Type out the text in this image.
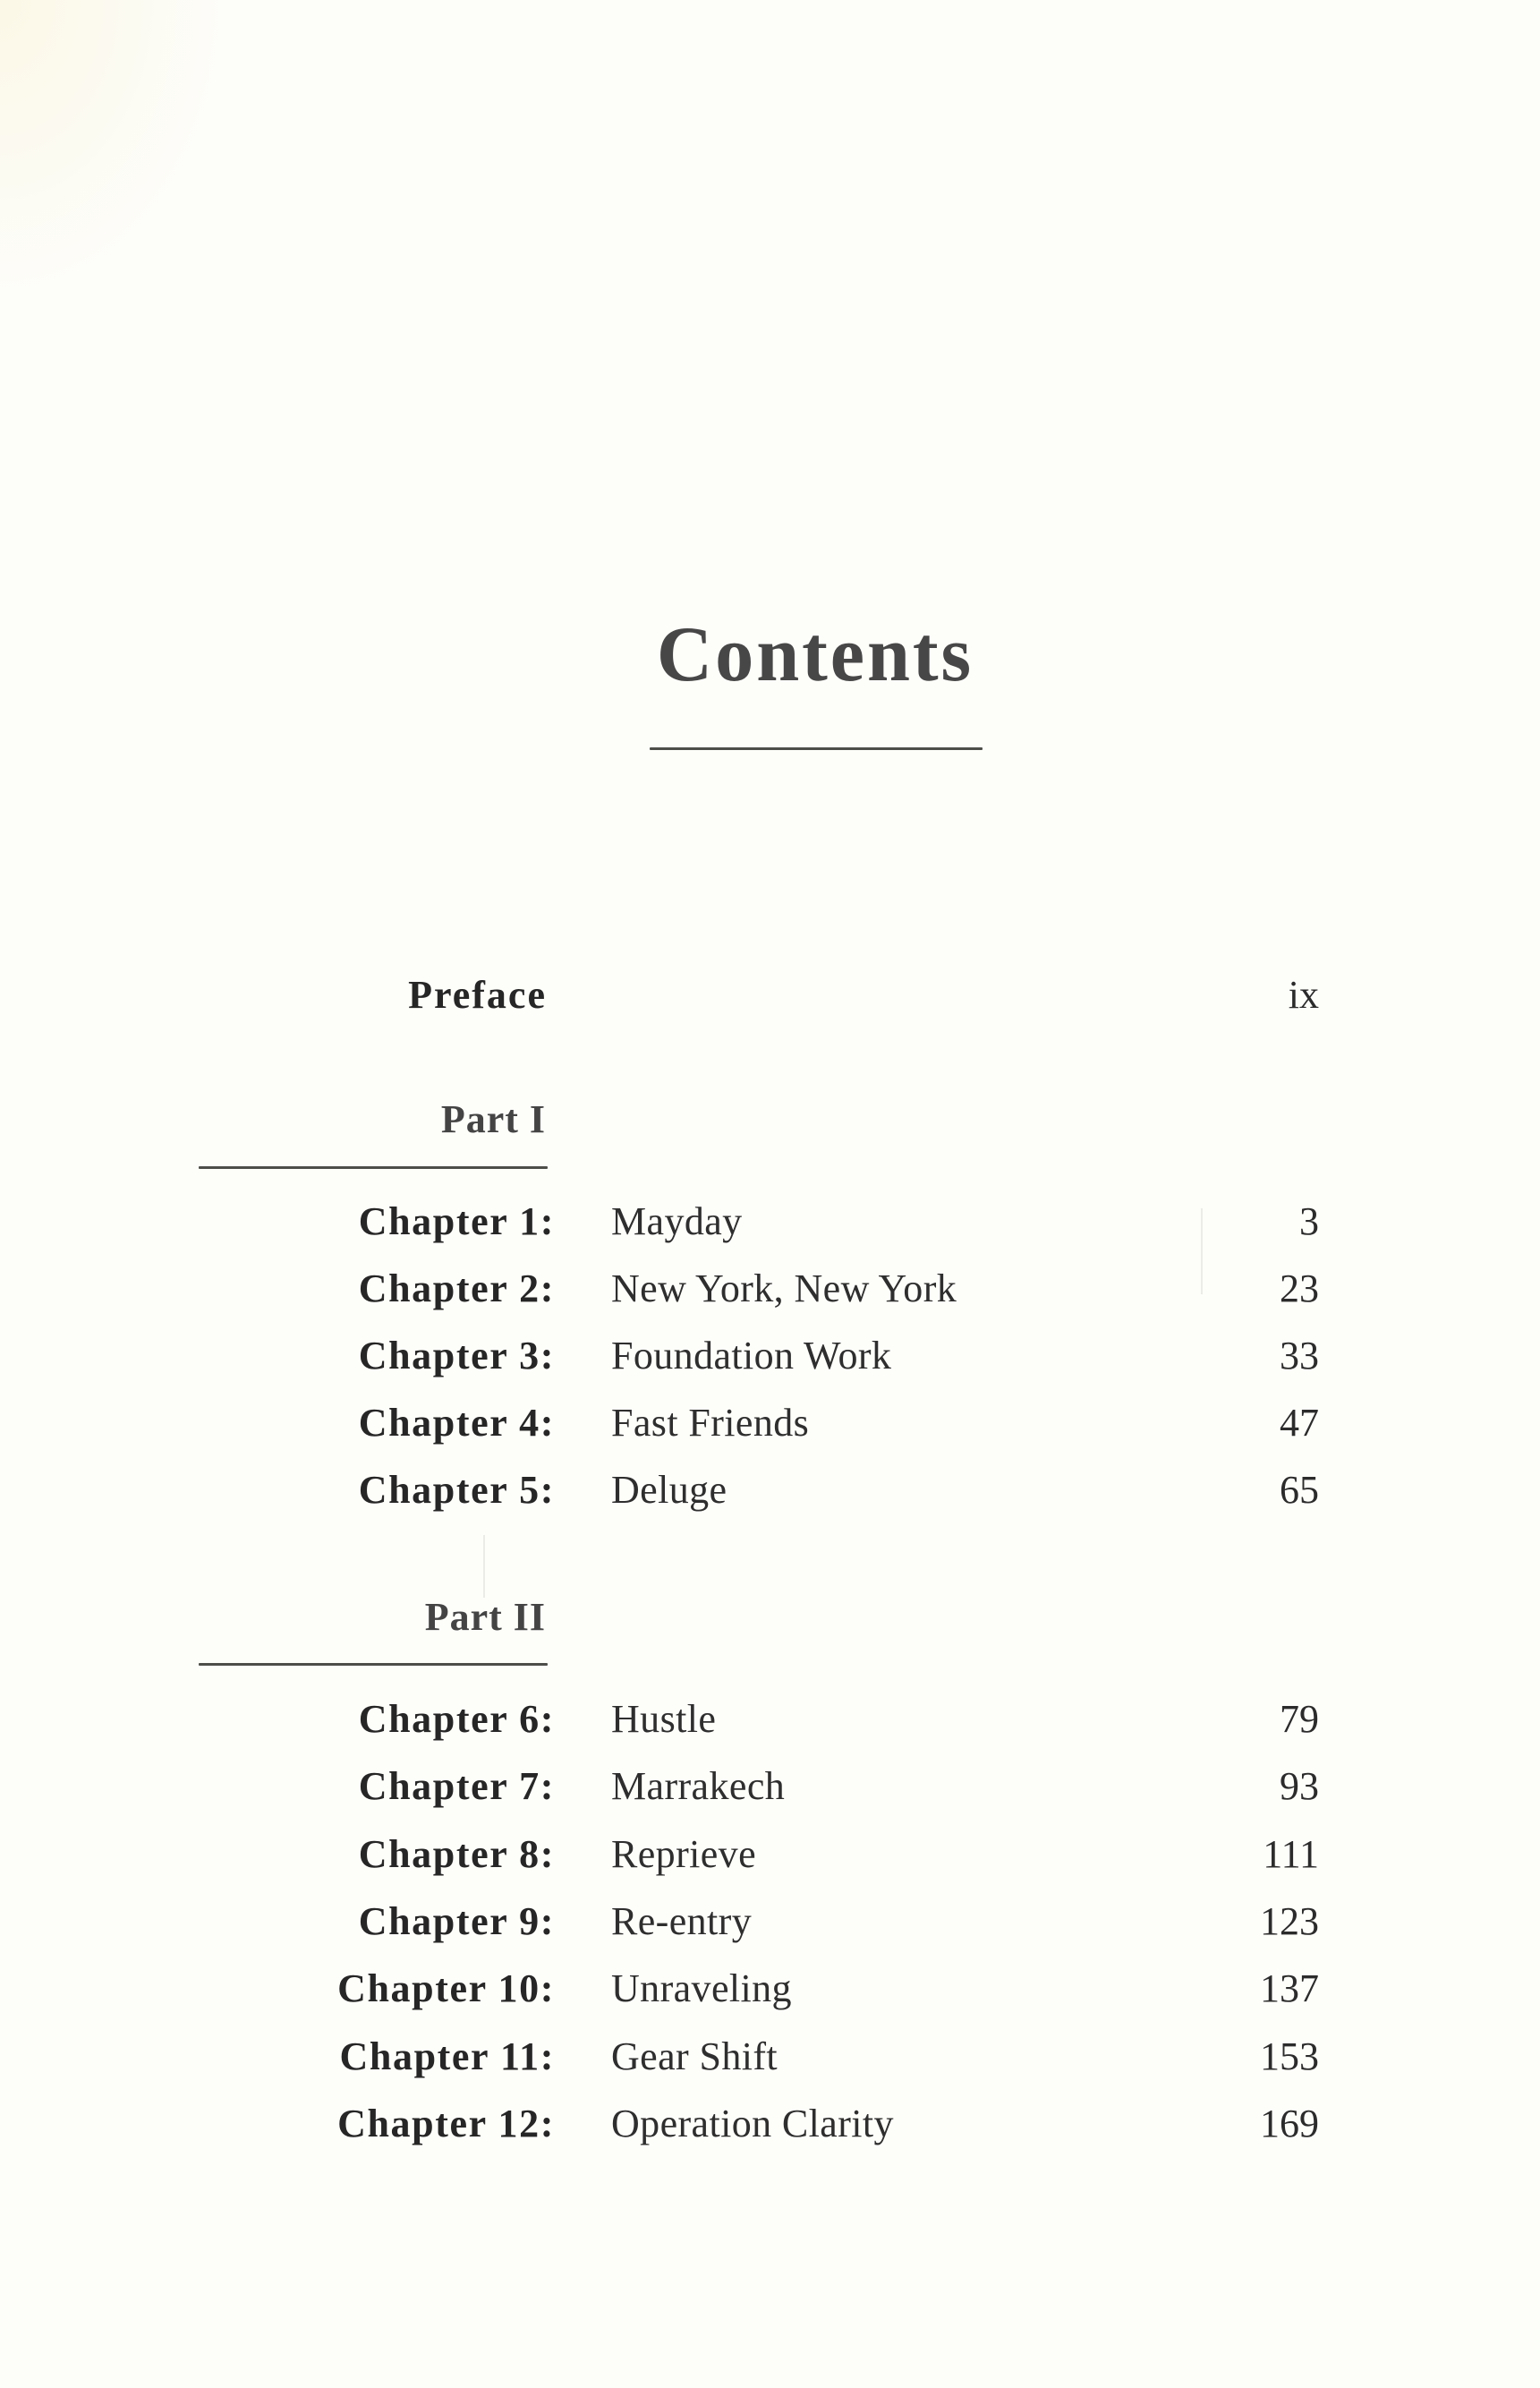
Contents
Preface	ix
Part I
Chapter 1: Mayday	3
Chapter 2: New York, New York	23
Chapter 3: Foundation Work	33
Chapter 4: Fast Friends	47
Chapter 5: Deluge	65
Part II
Chapter 6: Hustle	79
Chapter 7: Marrakech	93
Chapter 8: Reprieve	111
Chapter 9: Re-entry	123
Chapter 10: Unraveling	137
Chapter 11: Gear Shift	153
Chapter 12: Operation Clarity	169
